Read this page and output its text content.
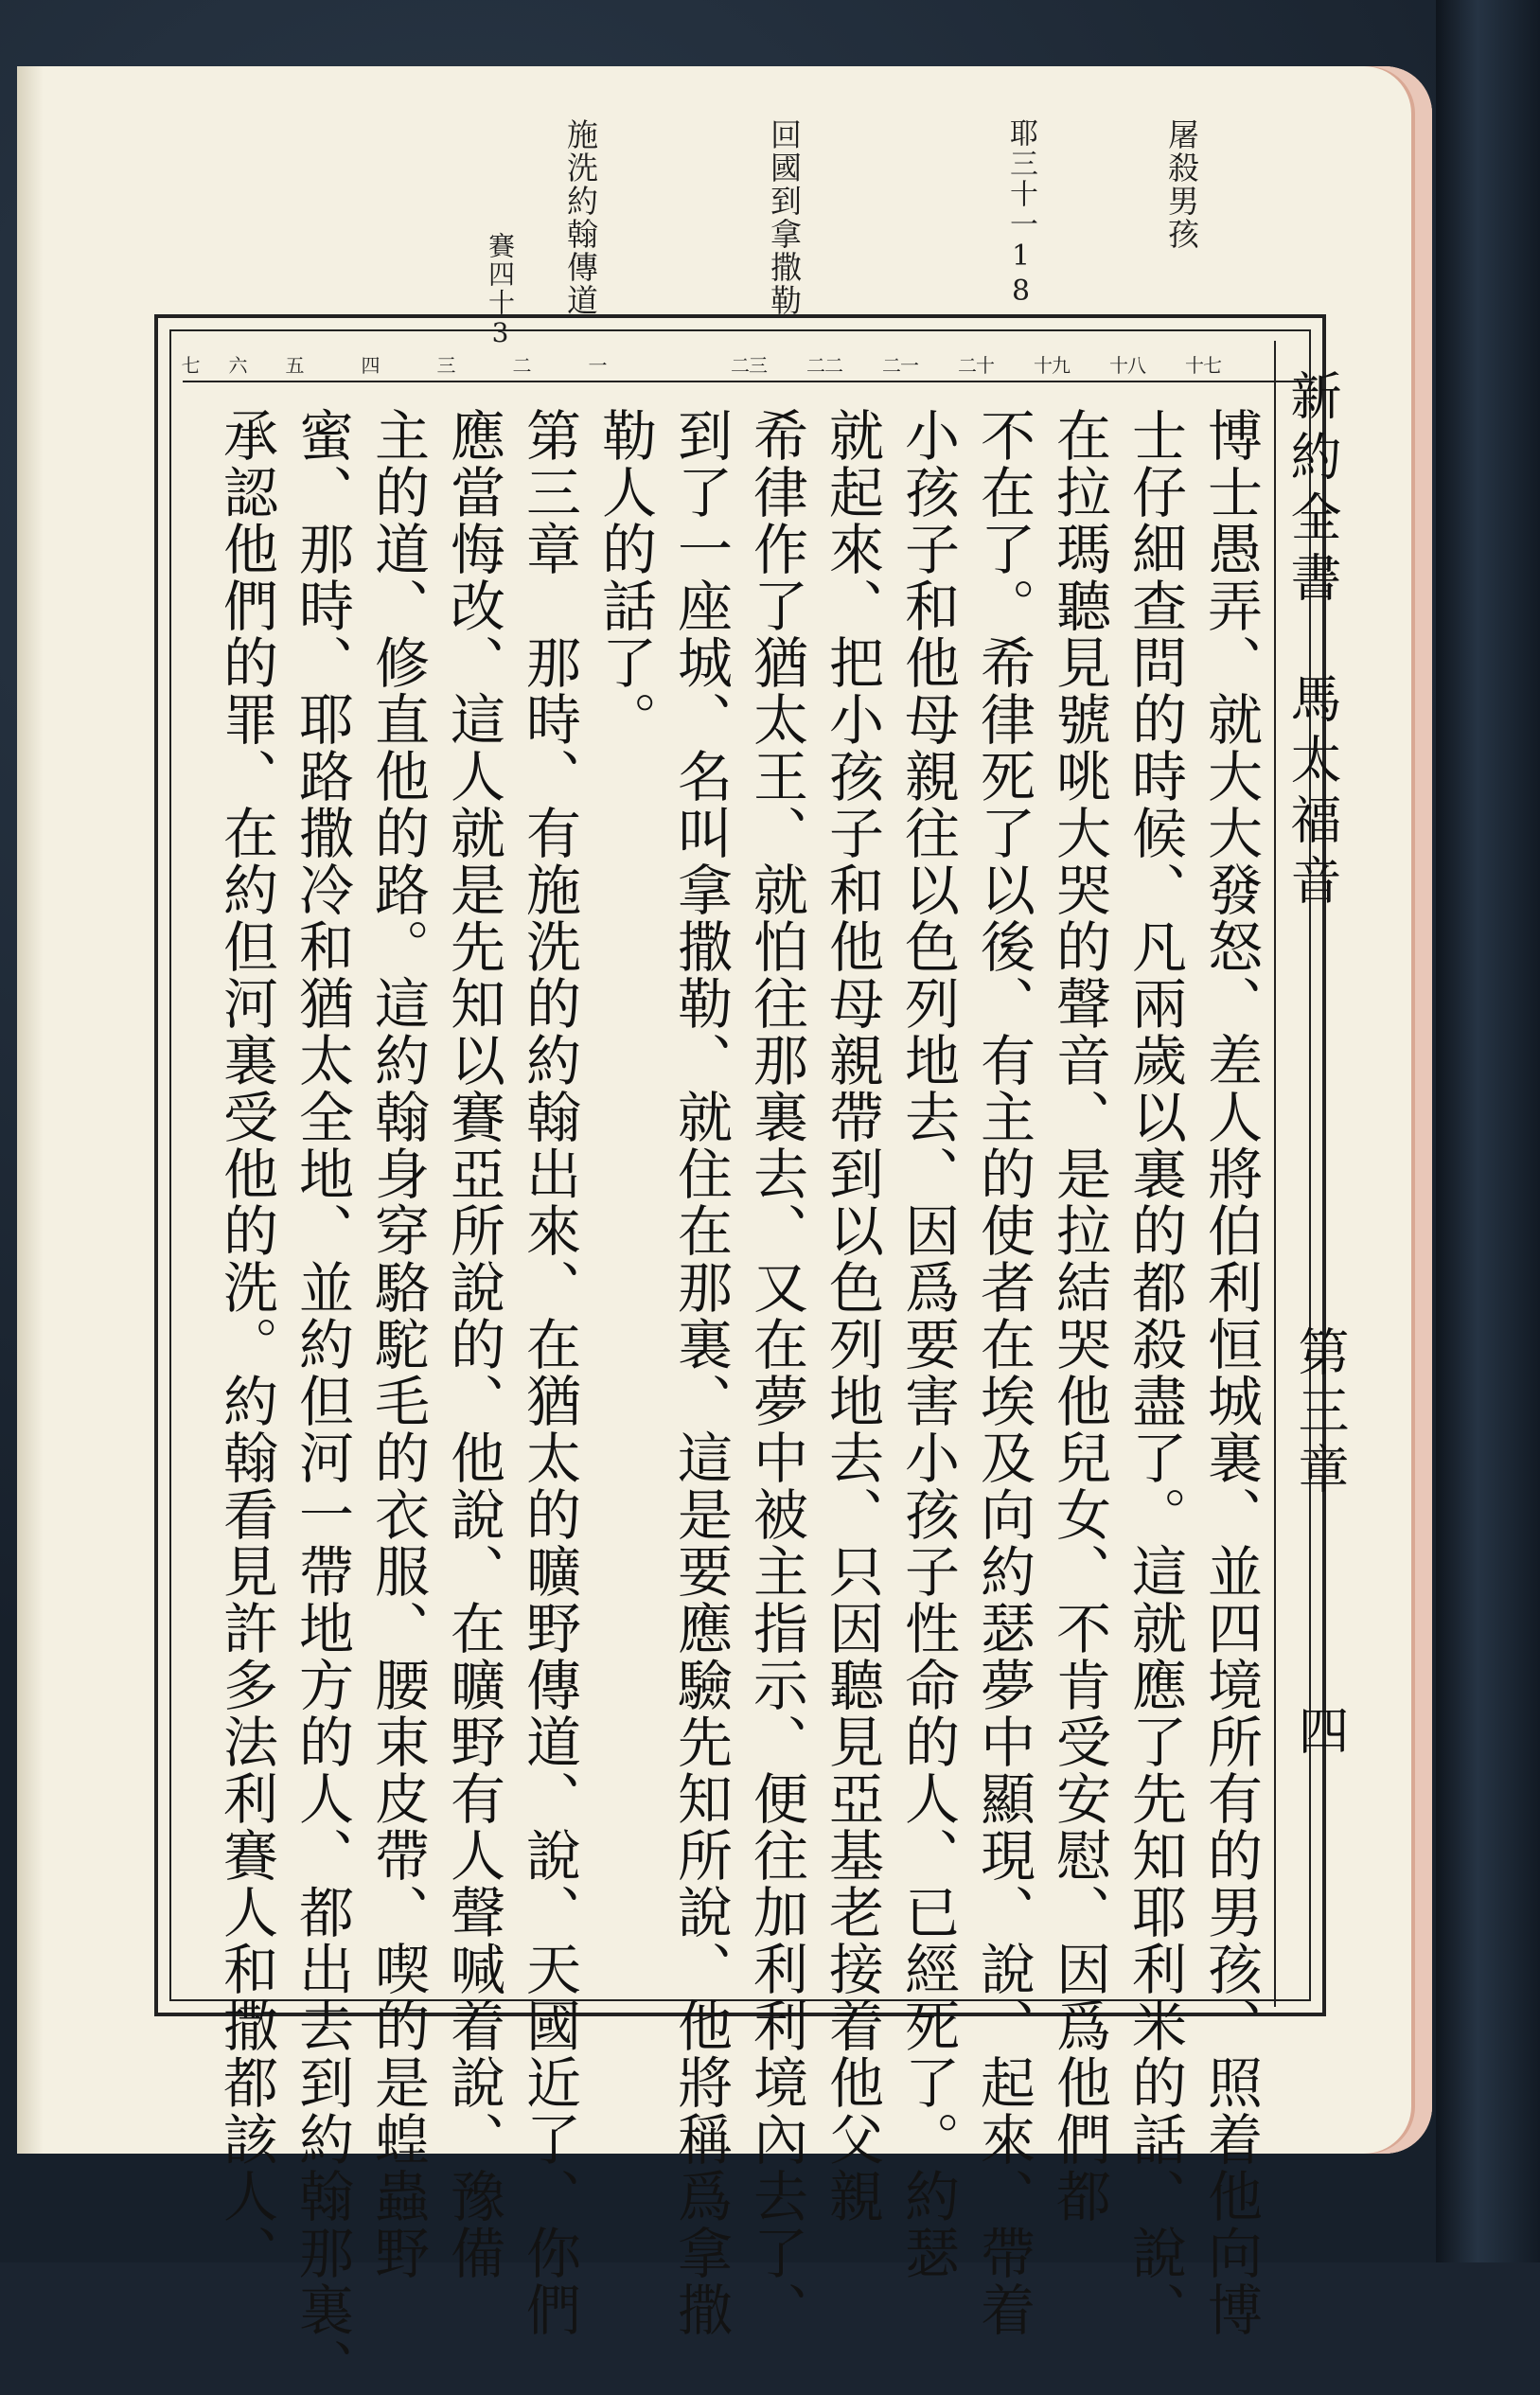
屠殺男孩
耶三十一18
回國到拿撒勒
施洗約翰傳道
賽四十3
十七
十八
十九
二十
二一
二二
二三
一
二
三
四
五
六
七
新約全書　馬太福音
第三章
四
博士愚弄、就大大發怒、差人將伯利恒城裏、並四境所有的男孩、照着他向博
士仔細查問的時候、凡兩歲以裏的都殺盡了。這就應了先知耶利米的話、說、
在拉瑪聽見號咷大哭的聲音、是拉結哭他兒女、不肯受安慰、因爲他們都
不在了。希律死了以後、有主的使者在埃及向約瑟夢中顯現、說、起來、帶着
小孩子和他母親往以色列地去、因爲要害小孩子性命的人、已經死了。約瑟
就起來、把小孩子和他母親帶到以色列地去、只因聽見亞基老接着他父親
希律作了猶太王、就怕往那裏去、又在夢中被主指示、便往加利利境內去了、
到了一座城、名叫拿撒勒、就住在那裏、這是要應驗先知所說、他將稱爲拿撒
勒人的話了。
第三章　那時、有施洗的約翰出來、在猶太的曠野傳道、說、天國近了、你們
應當悔改、這人就是先知以賽亞所說的、他說、在曠野有人聲喊着說、豫備
主的道、修直他的路。這約翰身穿駱駝毛的衣服、腰束皮帶、喫的是蝗蟲野
蜜、那時、耶路撒冷和猶太全地、並約但河一帶地方的人、都出去到約翰那裏、
承認他們的罪、在約但河裏受他的洗。約翰看見許多法利賽人和撒都該人、
